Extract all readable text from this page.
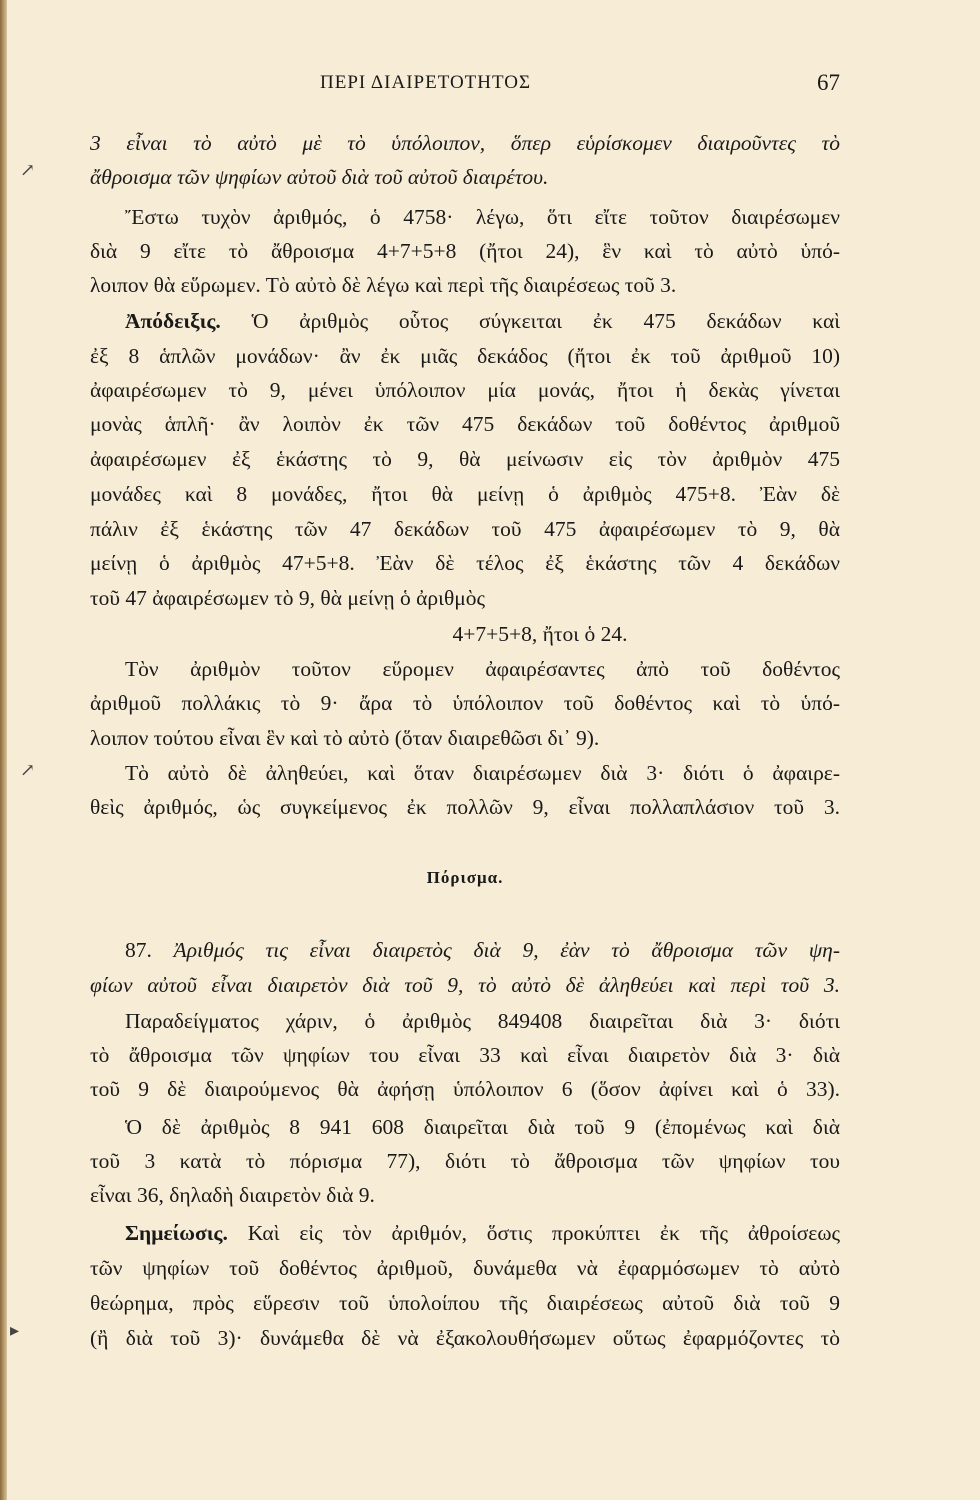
ΠΕΡΙ ΔΙΑΙΡΕΤΟΤΗΤΟΣ	67
3 εἶναι τὸ αὐτὸ μὲ τὸ ὑπόλοιπον, ὅπερ εὑρίσκομεν διαιροῦντες τὸ
ἄθροισμα τῶν ψηφίων αὐτοῦ διὰ τοῦ αὐτοῦ διαιρέτου.
Ἔστω τυχὸν ἀριθμός, ὁ 4758· λέγω, ὅτι εἴτε τοῦτον διαιρέσωμεν
διὰ 9 εἴτε τὸ ἄθροισμα 4+7+5+8 (ἤτοι 24), ἓν καὶ τὸ αὐτὸ ὑπό-
λοιπον θὰ εὕρωμεν. Τὸ αὐτὸ δὲ λέγω καὶ περὶ τῆς διαιρέσεως τοῦ 3.
Ἀπόδειξις. Ὁ ἀριθμὸς οὗτος σύγκειται ἐκ 475 δεκάδων καὶ
ἐξ 8 ἁπλῶν μονάδων· ἂν ἐκ μιᾶς δεκάδος (ἤτοι ἐκ τοῦ ἀριθμοῦ 10)
ἀφαιρέσωμεν τὸ 9, μένει ὑπόλοιπον μία μονάς, ἤτοι ἡ δεκὰς γίνεται
μονὰς ἁπλῆ· ἂν λοιπὸν ἐκ τῶν 475 δεκάδων τοῦ δοθέντος ἀριθμοῦ
ἀφαιρέσωμεν ἐξ ἑκάστης τὸ 9, θὰ μείνωσιν εἰς τὸν ἀριθμὸν 475
μονάδες καὶ 8 μονάδες, ἤτοι θὰ μείνῃ ὁ ἀριθμὸς 475+8. Ἐὰν δὲ
πάλιν ἐξ ἑκάστης τῶν 47 δεκάδων τοῦ 475 ἀφαιρέσωμεν τὸ 9, θὰ
μείνῃ ὁ ἀριθμὸς 47+5+8. Ἐὰν δὲ τέλος ἐξ ἑκάστης τῶν 4 δεκάδων
τοῦ 47 ἀφαιρέσωμεν τὸ 9, θὰ μείνῃ ὁ ἀριθμὸς
4+7+5+8, ἤτοι ὁ 24.
Τὸν ἀριθμὸν τοῦτον εὕρομεν ἀφαιρέσαντες ἀπὸ τοῦ δοθέντος
ἀριθμοῦ πολλάκις τὸ 9· ἄρα τὸ ὑπόλοιπον τοῦ δοθέντος καὶ τὸ ὑπό-
λοιπον τούτου εἶναι ἓν καὶ τὸ αὐτὸ (ὅταν διαιρεθῶσι δι᾽ 9).
Τὸ αὐτὸ δὲ ἀληθεύει, καὶ ὅταν διαιρέσωμεν διὰ 3· διότι ὁ ἀφαιρε-
θεὶς ἀριθμός, ὡς συγκείμενος ἐκ πολλῶν 9, εἶναι πολλαπλάσιον τοῦ 3.
Πόρισμα.
87. Ἀριθμός τις εἶναι διαιρετὸς διὰ 9, ἐὰν τὸ ἄθροισμα τῶν ψη-
φίων αὐτοῦ εἶναι διαιρετὸν διὰ τοῦ 9, τὸ αὐτὸ δὲ ἀληθεύει καὶ περὶ τοῦ 3.
Παραδείγματος χάριν, ὁ ἀριθμὸς 849408 διαιρεῖται διὰ 3· διότι
τὸ ἄθροισμα τῶν ψηφίων του εἶναι 33 καὶ εἶναι διαιρετὸν διὰ 3· διὰ
τοῦ 9 δὲ διαιρούμενος θὰ ἀφήσῃ ὑπόλοιπον 6 (ὅσον ἀφίνει καὶ ὁ 33).
Ὁ δὲ ἀριθμὸς 8 941 608 διαιρεῖται διὰ τοῦ 9 (ἐπομένως καὶ διὰ
τοῦ 3 κατὰ τὸ πόρισμα 77), διότι τὸ ἄθροισμα τῶν ψηφίων του
εἶναι 36, δηλαδὴ διαιρετὸν διὰ 9.
Σημείωσις. Καὶ εἰς τὸν ἀριθμόν, ὅστις προκύπτει ἐκ τῆς ἀθροίσεως
τῶν ψηφίων τοῦ δοθέντος ἀριθμοῦ, δυνάμεθα νὰ ἐφαρμόσωμεν τὸ αὐτὸ
θεώρημα, πρὸς εὕρεσιν τοῦ ὑπολοίπου τῆς διαιρέσεως αὐτοῦ διὰ τοῦ 9
(ἢ διὰ τοῦ 3)· δυνάμεθα δὲ νὰ ἐξακολουθήσωμεν οὕτως ἐφαρμόζοντες τὸ
↗
↗
▸
